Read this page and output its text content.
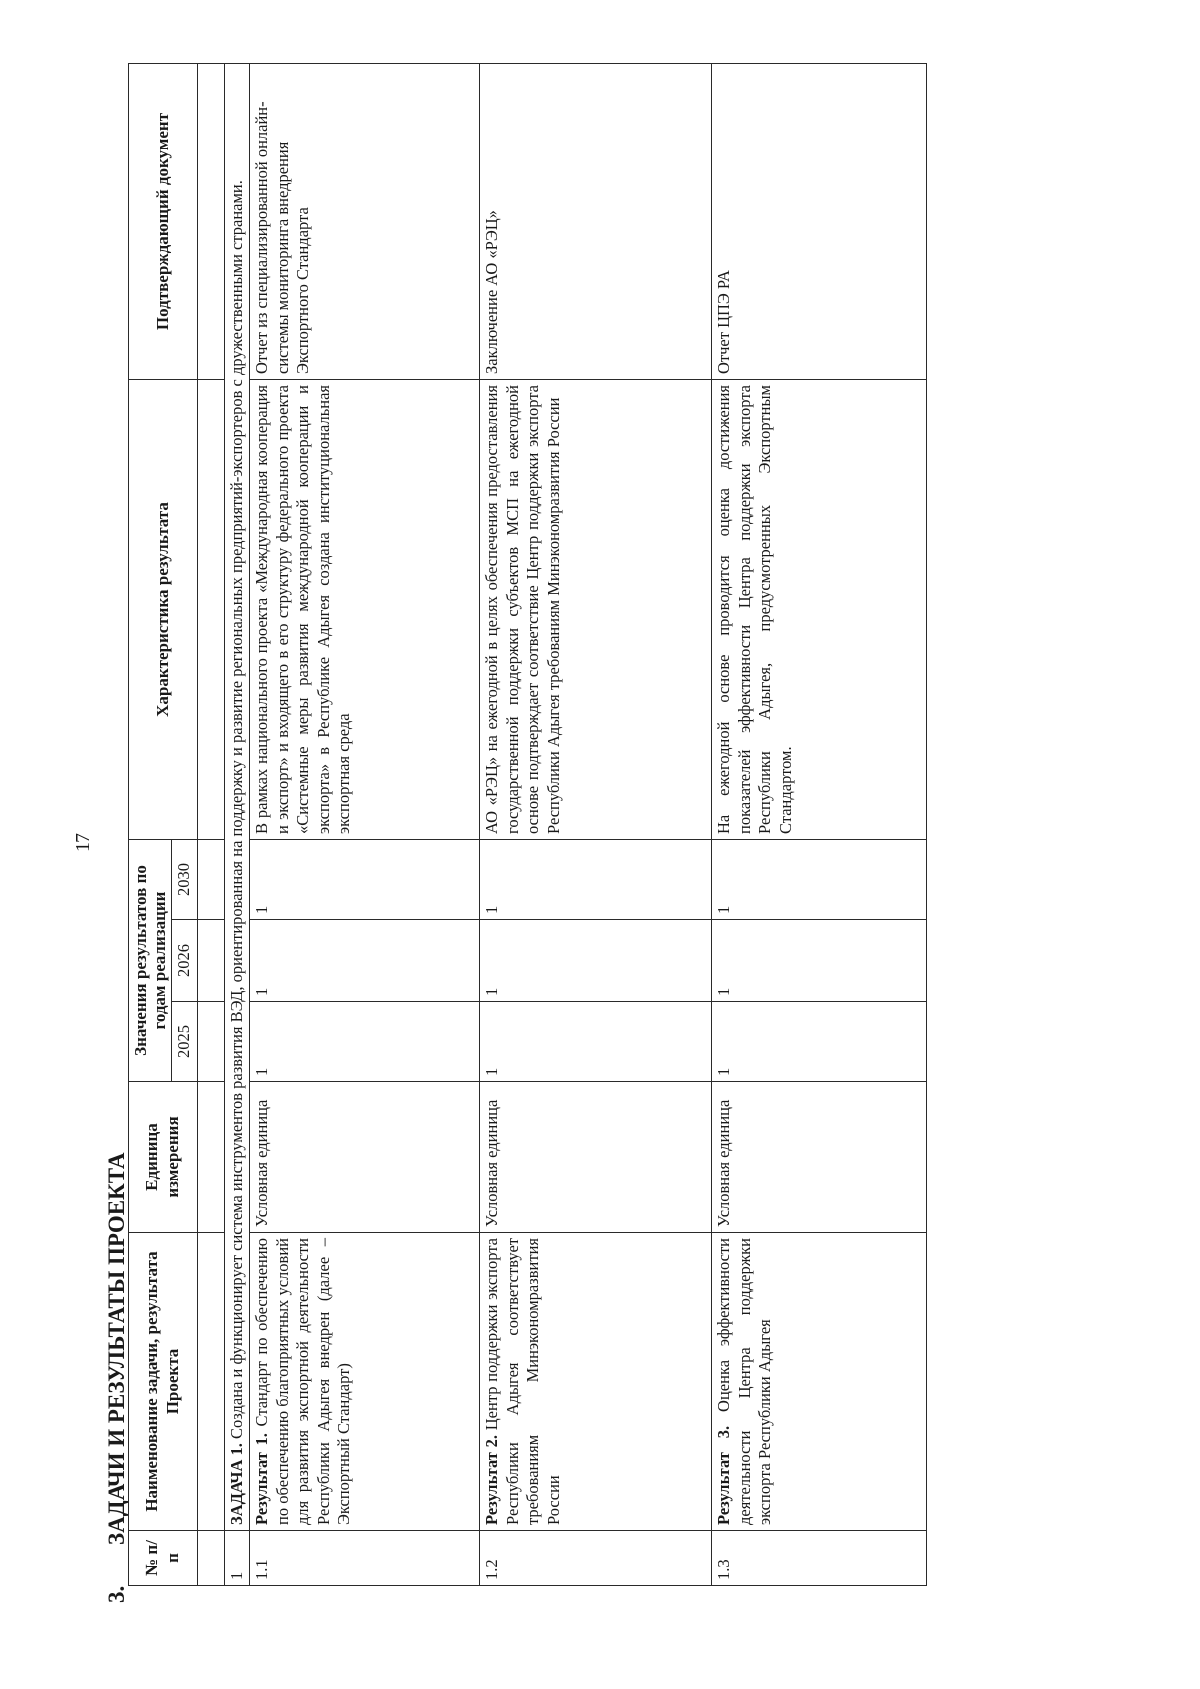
17
3.ЗАДАЧИ И РЕЗУЛЬТАТЫ ПРОЕКТА
№ п/п	Наименование задачи, результата Проекта	Единица измерения	Значения результатов по годам реализации			Характеристика результата	Подтверждающий документ
			2025	2026	2030		

1	ЗАДАЧА 1. Создана и функционирует система инструментов развития ВЭД, ориентированная на поддержку и развитие региональных предприятий-экспортеров с дружественными странами.						
1.1	Результат 1. Стандарт по обеспечению по обеспечению благоприятных условий для развития экспортной деятельности Республики Адыгея внедрен (далее – Экспортный Стандарт)	Условная единица	1	1	1	В рамках национального проекта «Международная кооперация и экспорт» и входящего в его структуру федерального проекта «Системные меры развития международной кооперации и экспорта» в Республике Адыгея создана институциональная экспортная среда	Отчет из специализированной онлайн-системы мониторинга внедрения Экспортного Стандарта
1.2	Результат 2. Центр поддержки экспорта Республики Адыгея соответствует требованиям Минэкономразвития России	Условная единица	1	1	1	АО «РЭЦ» на ежегодной в целях обеспечения предоставления государственной поддержки субъектов МСП на ежегодной основе подтверждает соответствие Центр поддержки экспорта Республики Адыгея требованиям Минэкономразвития России	Заключение АО «РЭЦ»
1.3	Результат 3. Оценка эффективности деятельности Центра поддержки экспорта Республики Адыгея	Условная единица	1	1	1	На ежегодной основе проводится оценка достижения показателей эффективности Центра поддержки экспорта Республики Адыгея, предусмотренных Экспортным Стандартом.	Отчет ЦПЭ РА
